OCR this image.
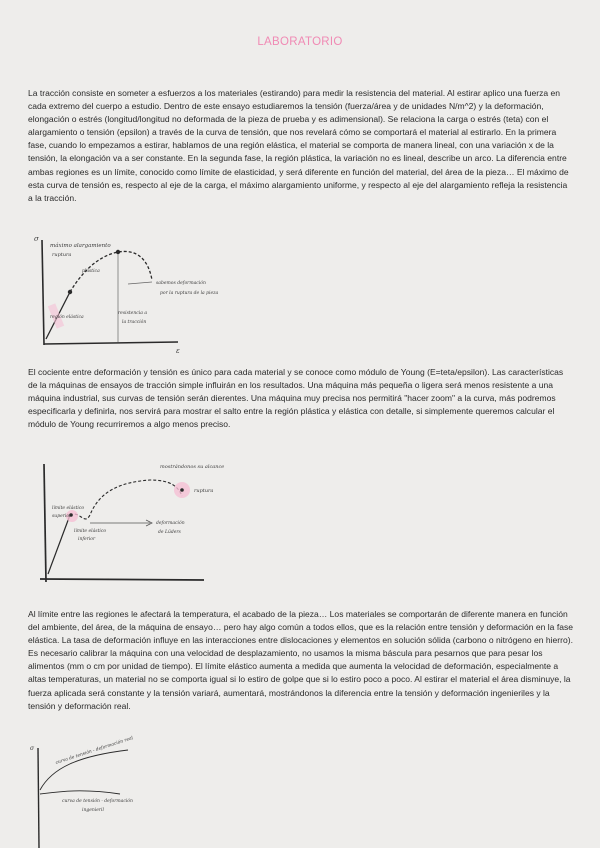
LABORATORIO

La tracción consiste en someter a esfuerzos a los materiales (estirando) para medir la resistencia del material. Al estirar aplico una fuerza en cada extremo del cuerpo a estudio. Dentro de este ensayo estudiaremos la tensión (fuerza/área y de unidades N/m^2) y la deformación, elongación o estrés (longitud/longitud no deformada de la pieza de prueba y es adimensional). Se relaciona la carga o estrés (teta) con el alargamiento o tensión (epsilon) a través de la curva de tensión, que nos revelará cómo se comportará el material al estirarlo. En la primera fase, cuando lo empezamos a estirar, hablamos de una región elástica, el material se comporta de manera lineal, con una variación x de la tensión, la elongación va a ser constante. En la segunda fase, la región plástica, la variación no es lineal, describe un arco. La diferencia entre ambas regiones es un límite, conocido como límite de elasticidad, y será diferente en función del material, del área de la pieza… El máximo de esta curva de tensión es, respecto al eje de la carga, el máximo alargamiento uniforme, y respecto al eje del alargamiento refleja la resistencia a la tracción.

σ
ε
máximo alargamiento
ruptura
región elástica
plástica
sabemos deformación
por la ruptura de la pieza
resistencia a
la tracción

El cociente entre deformación y tensión es único para cada material y se conoce como módulo de Young (E=teta/epsilon). Las características de la máquinas de ensayos de tracción simple influirán en los resultados. Una máquina más pequeña o ligera será menos resistente a una máquina industrial, sus curvas de tensión serán dierentes. Una máquina muy precisa nos permitirá "hacer zoom" a la curva, más podremos especificarla y definirla, nos servirá para mostrar el salto entre la región plástica y elástica con detalle, si simplemente queremos calcular el módulo de Young recurriremos a algo menos preciso.

mostrándonos su alcance
ruptura
límite elástico
superior
límite elástico
inferior
deformación
de Lüders

Al límite entre las regiones le afectará la temperatura, el acabado de la pieza… Los materiales se comportarán de diferente manera en función del ambiente, del área, de la máquina de ensayo… pero hay algo común a todos ellos, que es la relación entre tensión y deformación en la fase elástica. La tasa de deformación influye en las interacciones entre dislocaciones y elementos en solución sólida (carbono o nitrógeno en hierro). Es necesario calibrar la máquina con una velocidad de desplazamiento, no usamos la misma báscula para pesarnos que para pesar los alimentos (mm o cm por unidad de tiempo). El límite elástico aumenta a medida que aumenta la velocidad de deformación, especialmente a altas temperaturas, un material no se comporta igual si lo estiro de golpe que si lo estiro poco a poco. Al estirar el material el área disminuye, la fuerza aplicada será constante y la tensión variará, aumentará, mostrándonos la diferencia entre la tensión y deformación ingenieriles y la tensión y deformación real.

σ	curva de tensión - deformación real
curva de tensión - deformación
ingenieril
